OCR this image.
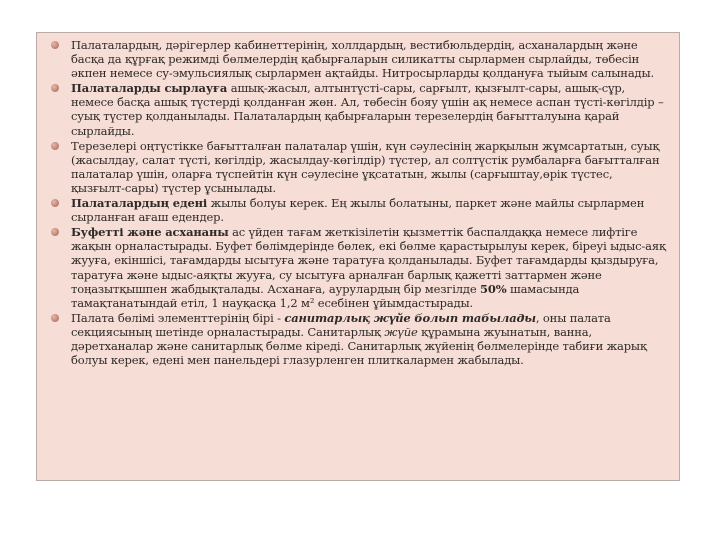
Палаталардың, дәрігерлер кабинеттерінің, холлдардың, вестибюльдердің, асханалардың және басқа да құрғақ режимді бөлмелердің қабырғаларын силикатты сырлармен сырлайды, төбесін әкпен немесе су-эмульсиялық сырлармен ақтайды. Нитросырларды қолдануға тыйым салынады.
Палаталарды сырлауға ашық-жасыл, алтынтүсті-сары, сарғылт, қызғылт-сары, ашық-сұр, немесе басқа ашық түстерді қолданған жөн. Ал, төбесін бояу үшін ақ немесе аспан түсті-көгілдір – суық түстер қолданылады. Палаталардың қабырғаларын терезелердің бағытталуына қарай сырлайды.
Терезелері оңтүстікке бағытталған палаталар үшін, күн сәулесінің жарқылын жұмсартатын, суық (жасылдау, салат түсті, көгілдір, жасылдау-көгілдір) түстер, ал солтүстік румбаларға бағытталған палаталар үшін, оларға түспейтін күн сәулесіне ұқсататын, жылы (сарғыштау,өрік түстес, қызғылт-сары) түстер ұсынылады.
Палаталардың едені жылы болуы керек. Ең жылы болатыны, паркет және майлы сырлармен сырланған ағаш едендер.
Буфетті және асхананы ас үйден тағам жеткізілетін қызметтік баспалдаққа немесе лифтіге жақын орналастырады. Буфет бөлімдерінде бөлек, екі бөлме қарастырылуы керек, біреуі ыдыс-аяқ жууға, екіншісі, тағамдарды ысытуға және таратуға қолданылады. Буфет тағамдарды қыздыруға, таратуға және ыдыс-аяқты жууға, су ысытуға арналған барлық қажетті заттармен және тоңазытқышпен жабдықталады. Асханаға, аурулардың бір мезгілде 50% шамасында тамақтанатындай етіл, 1 науқасқа 1,2 м² есебінен ұйымдастырады.
Палата бөлімі элементтерінің бірі - санитарлық жүйе болып табылады, оны палата секциясының шетінде орналастырады. Санитарлық жүйе құрамына жуынатын, ванна, дәретханалар және санитарлық бөлме кіреді. Санитарлық жүйенің бөлмелерінде табиғи жарық болуы керек, едені мен панельдері глазурленген плиткалармен жабылады.
